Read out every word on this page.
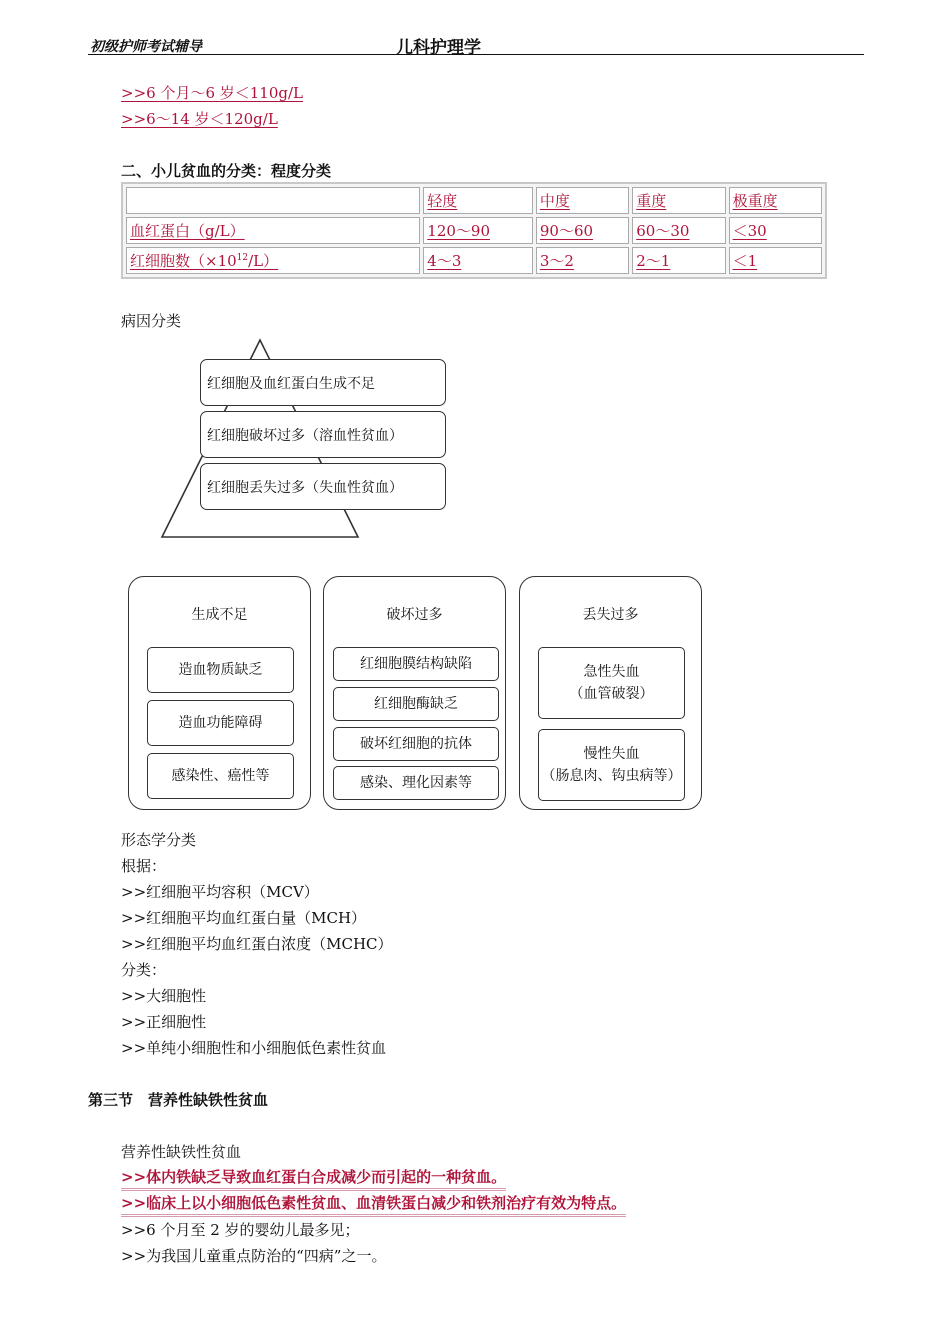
初级护师考试辅导	儿科护理学
>>6 个月～6 岁＜110g/L
>>6～14 岁＜120g/L
二、小儿贫血的分类：程度分类
	轻度	中度	重度	极重度
血红蛋白（g/L）	120～90	90～60	60～30	＜30
红细胞数$(\times 10^{12}/L)$	4～3	3～2	2～1	＜1
病因分类
红细胞及血红蛋白生成不足
红细胞破坏过多（溶血性贫血）
红细胞丢失过多（失血性贫血）
生成不足
造血物质缺乏
造血功能障碍
感染性、癌性等
破坏过多
红细胞膜结构缺陷
红细胞酶缺乏
破坏红细胞的抗体
感染、理化因素等
丢失过多
急性失血
（血管破裂）
慢性失血
（肠息肉、钩虫病等）
形态学分类
根据：
>>红细胞平均容积（MCV）
>>红细胞平均血红蛋白量（MCH）
>>红细胞平均血红蛋白浓度（MCHC）
分类：
>>大细胞性
>>正细胞性
>>单纯小细胞性和小细胞低色素性贫血
第三节　营养性缺铁性贫血
营养性缺铁性贫血
>>体内铁缺乏导致血红蛋白合成减少而引起的一种贫血。
>>临床上以小细胞低色素性贫血、血清铁蛋白减少和铁剂治疗有效为特点。
>>6 个月至 2 岁的婴幼儿最多见；
>>为我国儿童重点防治的“四病”之一。
